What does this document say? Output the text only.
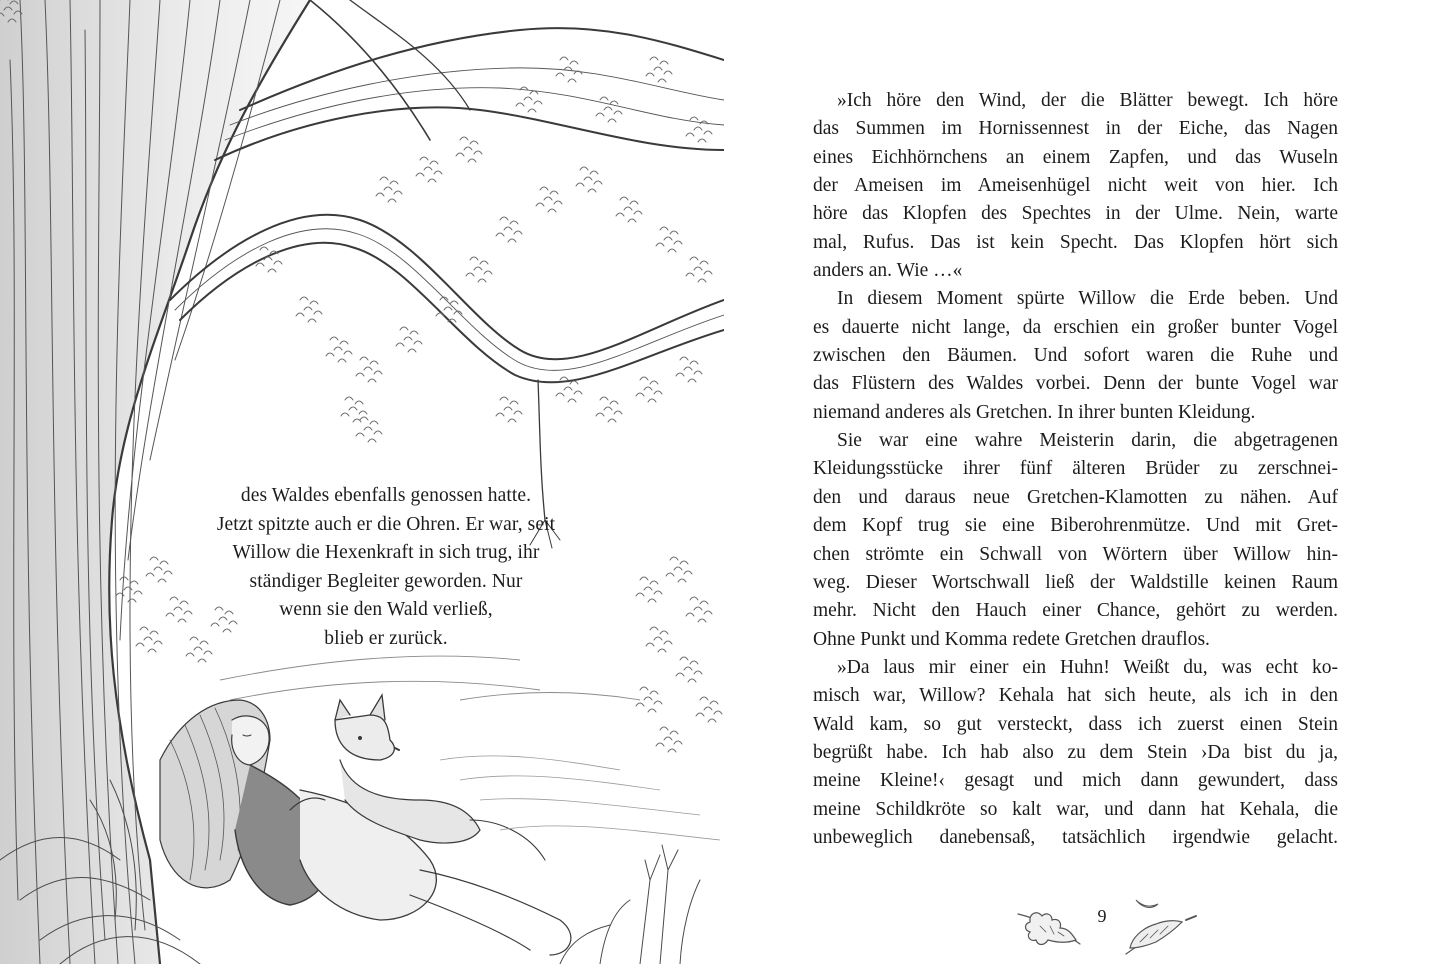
des Waldes ebenfalls genossen hatte.
Jetzt spitzte auch er die Ohren. Er war, seit
Willow die Hexenkraft in sich trug, ihr
ständiger Begleiter geworden. Nur
wenn sie den Wald verließ,
blieb er zurück.
»Ich höre den Wind, der die Blätter bewegt. Ich höre
das Summen im Hornissennest in der Eiche, das Nagen
eines Eichhörnchens an einem Zapfen, und das Wuseln
der Ameisen im Ameisenhügel nicht weit von hier. Ich
höre das Klopfen des Spechtes in der Ulme. Nein, warte
mal, Rufus. Das ist kein Specht. Das Klopfen hört sich
anders an. Wie …«
In diesem Moment spürte Willow die Erde beben. Und
es dauerte nicht lange, da erschien ein großer bunter Vogel
zwischen den Bäumen. Und sofort waren die Ruhe und
das Flüstern des Waldes vorbei. Denn der bunte Vogel war
niemand anderes als Gretchen. In ihrer bunten Kleidung.
Sie war eine wahre Meisterin darin, die abgetragenen
Kleidungsstücke ihrer fünf älteren Brüder zu zerschnei-
den und daraus neue Gretchen-Klamotten zu nähen. Auf
dem Kopf trug sie eine Biberohrenmütze. Und mit Gret-
chen strömte ein Schwall von Wörtern über Willow hin-
weg. Dieser Wortschwall ließ der Waldstille keinen Raum
mehr. Nicht den Hauch einer Chance, gehört zu werden.
Ohne Punkt und Komma redete Gretchen drauflos.
»Da laus mir einer ein Huhn! Weißt du, was echt ko-
misch war, Willow? Kehala hat sich heute, als ich in den
Wald kam, so gut versteckt, dass ich zuerst einen Stein
begrüßt habe. Ich hab also zu dem Stein ›Da bist du ja,
meine Kleine!‹ gesagt und mich dann gewundert, dass
meine Schildkröte so kalt war, und dann hat Kehala, die
unbeweglich danebensaß, tatsächlich irgendwie gelacht.
9
